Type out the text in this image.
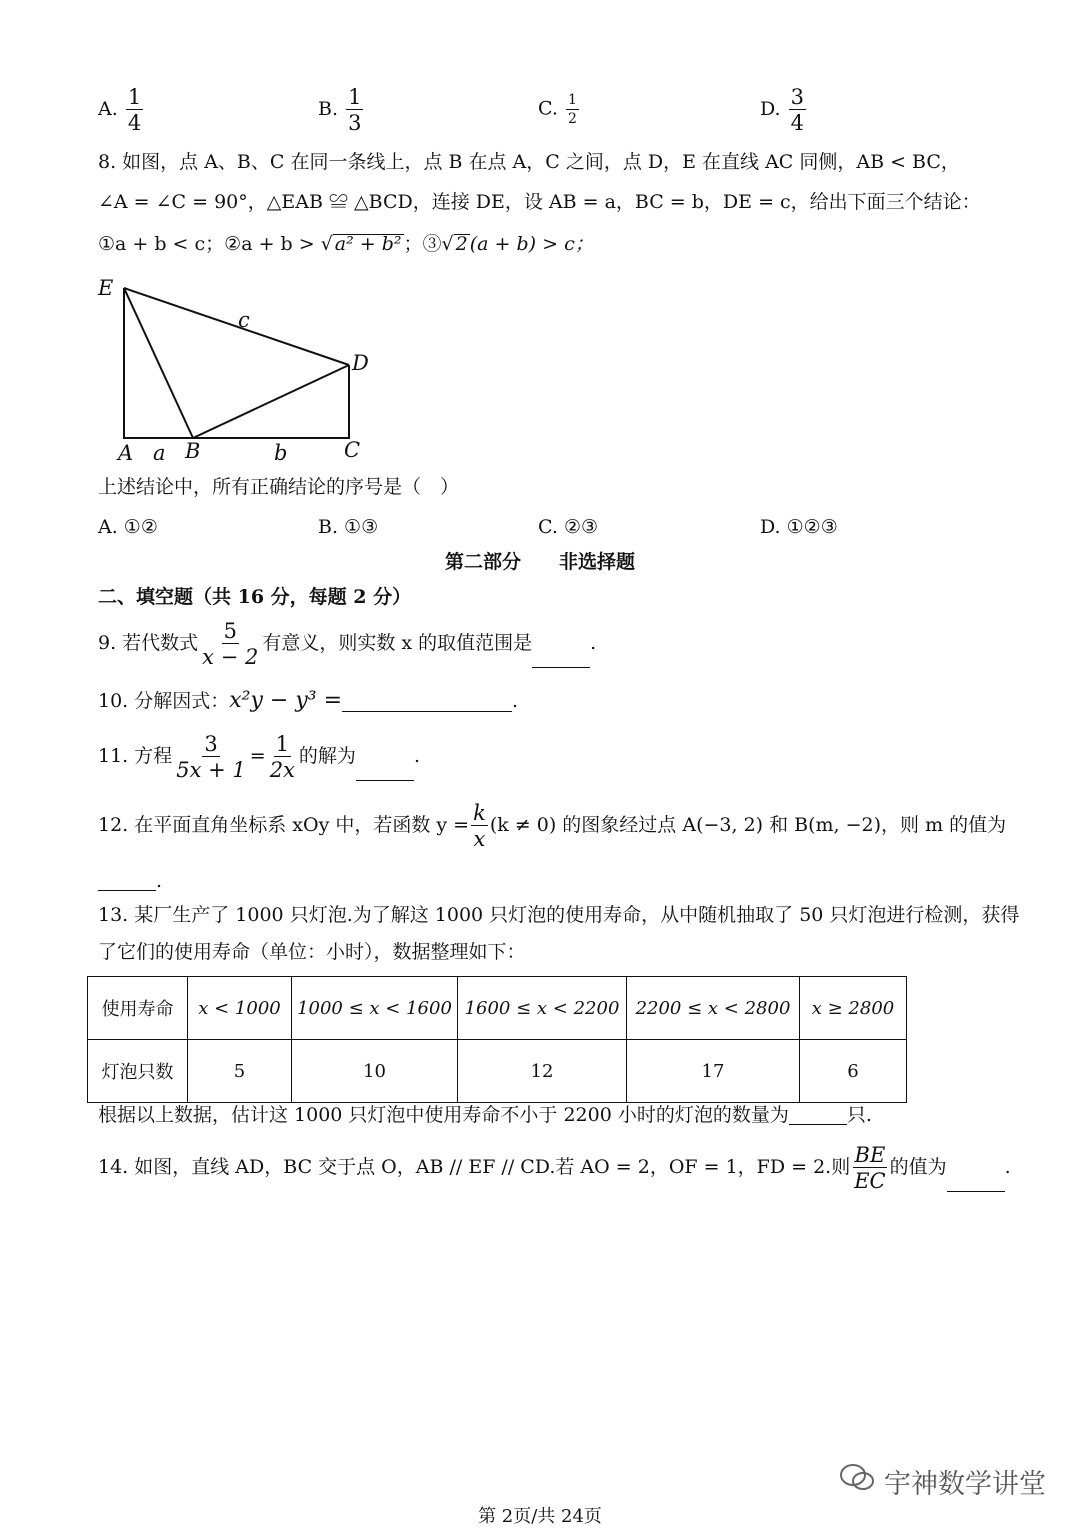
A. $\frac{1}{4}$	B. $\frac{1}{3}$	C. $\frac{1}{2}$	D. $\frac{3}{4}$
8. 如图，点 A、B、C 在同一条线上，点 B 在点 A，C 之间，点 D，E 在直线 AC 同侧，AB < BC，
∠A = ∠C = 90°，△EAB ≌ △BCD，连接 DE，设 AB = a，BC = b，DE = c，给出下面三个结论：
①a + b < c；②a + b > √ a² + b² ；③√ 2 (a + b) > c；
E
D
A a B	b	C
c
上述结论中，所有正确结论的序号是（　）
A. ①②	B. ①③	C. ②③	D. ①②③
第二部分　　非选择题
二、填空题（共 16 分，每题 2 分）
9. 若代数式 $\frac{5}{x - 2}$ 有意义，则实数 x 的取值范围是	.
10. 分解因式：x²y − y³ =	.
11. 方程 $\frac{3}{5x + 1} = \frac{1}{2x}$ 的解为	.
12. 在平面直角坐标系 xOy 中，若函数 $y = \frac{k}{x} (k \ne 0)$ 的图象经过点 A(−3, 2) 和 B(m, −2)，则 m 的值为
.
13. 某厂生产了 1000 只灯泡.为了解这 1000 只灯泡的使用寿命，从中随机抽取了 50 只灯泡进行检测，获得
了它们的使用寿命（单位：小时），数据整理如下：
使用寿命	x < 1000	1000 ≤ x < 1600	1600 ≤ x < 2200	2200 ≤ x < 2800	x ≥ 2800
灯泡只数	5	10	12	17	6
根据以上数据，估计这 1000 只灯泡中使用寿命不小于 2200 小时的灯泡的数量为	只.
14. 如图，直线 AD，BC 交于点 O，AB // EF // CD.若 AO = 2，OF = 1，FD = 2.则 $\frac{BE}{EC}$ 的值为	.
宇神数学讲堂
第 2页/共 24页
